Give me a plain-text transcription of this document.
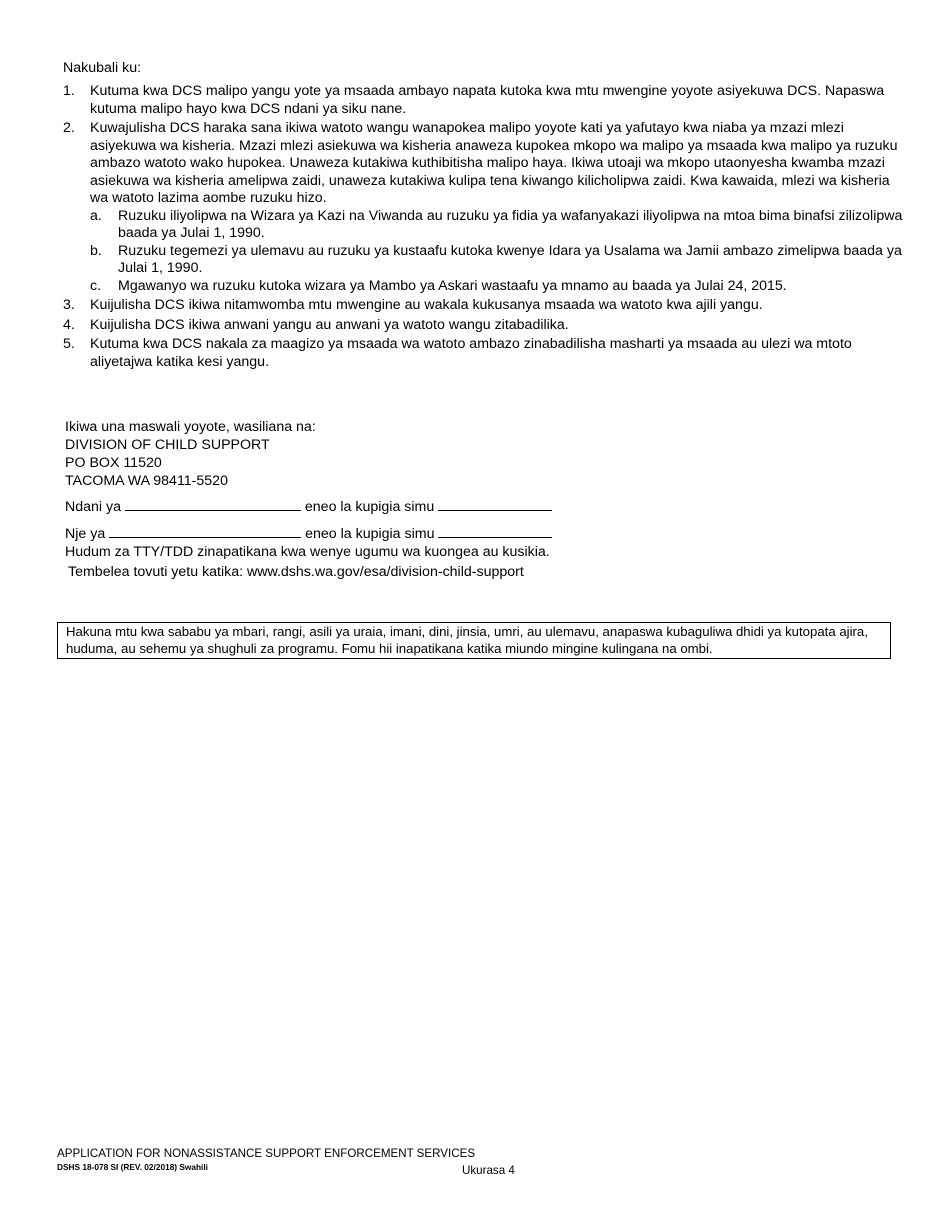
Nakubali ku:
1. Kutuma kwa DCS malipo yangu yote ya msaada ambayo napata kutoka kwa mtu mwengine yoyote asiyekuwa DCS. Napaswa kutuma malipo hayo kwa DCS ndani ya siku nane.
2. Kuwajulisha DCS haraka sana ikiwa watoto wangu wanapokea malipo yoyote kati ya yafutayo kwa niaba ya mzazi mlezi asiyekuwa wa kisheria. Mzazi mlezi asiekuwa wa kisheria anaweza kupokea mkopo wa malipo ya msaada kwa malipo ya ruzuku ambazo watoto wako hupokea. Unaweza kutakiwa kuthibitisha malipo haya. Ikiwa utoaji wa mkopo utaonyesha kwamba mzazi asiekuwa wa kisheria amelipwa zaidi, unaweza kutakiwa kulipa tena kiwango kilicholipwa zaidi. Kwa kawaida, mlezi wa kisheria wa watoto lazima aombe ruzuku hizo.
a. Ruzuku iliyolipwa na Wizara ya Kazi na Viwanda au ruzuku ya fidia ya wafanyakazi iliyolipwa na mtoa bima binafsi zilizolipwa baada ya Julai 1, 1990.
b. Ruzuku tegemezi ya ulemavu au ruzuku ya kustaafu kutoka kwenye Idara ya Usalama wa Jamii ambazo zimelipwa baada ya Julai 1, 1990.
c. Mgawanyo wa ruzuku kutoka wizara ya Mambo ya Askari wastaafu ya mnamo au baada ya Julai 24, 2015.
3. Kuijulisha DCS ikiwa nitamwomba mtu mwengine au wakala kukusanya msaada wa watoto kwa ajili yangu.
4. Kuijulisha DCS ikiwa anwani yangu au anwani ya watoto wangu zitabadilika.
5. Kutuma kwa DCS nakala za maagizo ya msaada wa watoto ambazo zinabadilisha masharti ya msaada au ulezi wa mtoto aliyetajwa katika kesi yangu.
Ikiwa una maswali yoyote, wasiliana na:
DIVISION OF CHILD SUPPORT
PO BOX 11520
TACOMA WA 98411-5520
Ndani ya	eneo la kupigia simu
Nje ya	eneo la kupigia simu
Hudum za TTY/TDD zinapatikana kwa wenye ugumu wa kuongea au kusikia.
Tembelea tovuti yetu katika: www.dshs.wa.gov/esa/division-child-support
Hakuna mtu kwa sababu ya mbari, rangi, asili ya uraia, imani, dini, jinsia, umri, au ulemavu, anapaswa kubaguliwa dhidi ya kutopata ajira, huduma, au sehemu ya shughuli za programu. Fomu hii inapatikana katika miundo mingine kulingana na ombi.
APPLICATION FOR NONASSISTANCE SUPPORT ENFORCEMENT SERVICES
DSHS 18-078 SI (REV. 02/2018) Swahili	Ukurasa 4
